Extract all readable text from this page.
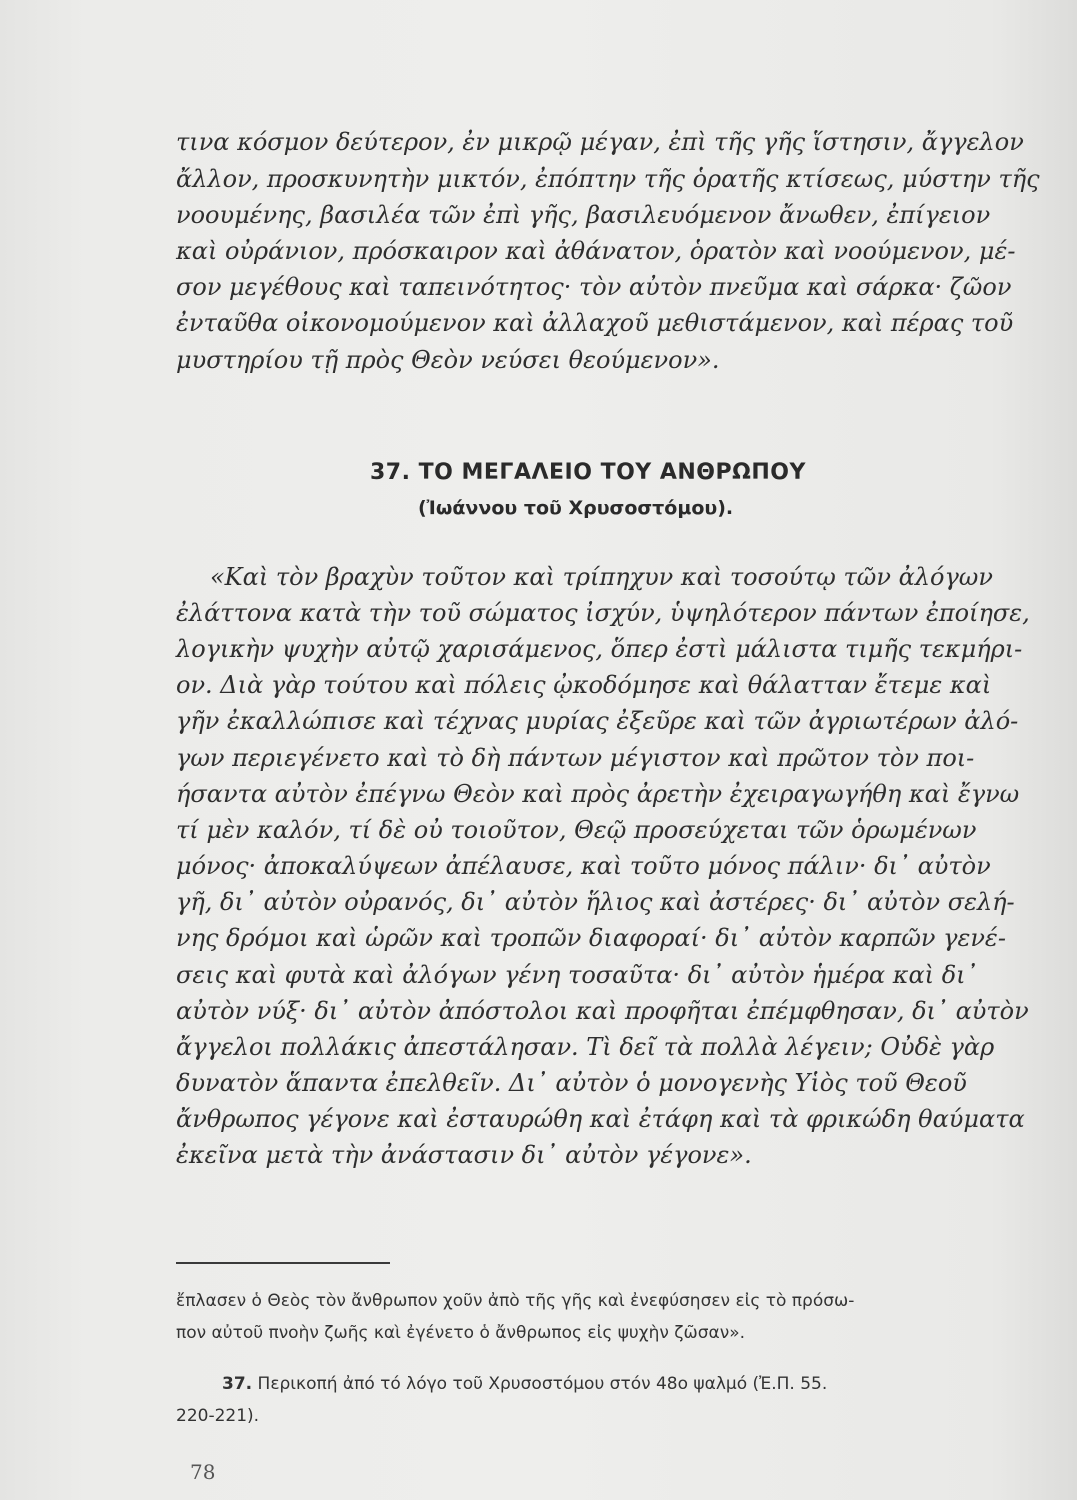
τινα κόσμον δεύτερον, ἐν μικρῷ μέγαν, ἐπὶ τῆς γῆς ἵστησιν, ἄγγελον
ἄλλον, προσκυνητὴν μικτόν, ἐπόπτην τῆς ὁρατῆς κτίσεως, μύστην τῆς
νοουμένης, βασιλέα τῶν ἐπὶ γῆς, βασιλευόμενον ἄνωθεν, ἐπίγειον
καὶ οὐράνιον, πρόσκαιρον καὶ ἀθάνατον, ὁρατὸν καὶ νοούμενον, μέ-
σον μεγέθους καὶ ταπεινότητος· τὸν αὐτὸν πνεῦμα καὶ σάρκα· ζῶον
ἐνταῦθα οἰκονομούμενον καὶ ἀλλαχοῦ μεθιστάμενον, καὶ πέρας τοῦ
μυστηρίου τῇ πρὸς Θεὸν νεύσει θεούμενον».
37. ΤΟ ΜΕΓΑΛΕΙΟ ΤΟΥ ΑΝΘΡΩΠΟΥ
(Ἰωάννου τοῦ Χρυσοστόμου).
«Καὶ τὸν βραχὺν τοῦτον καὶ τρίπηχυν καὶ τοσούτῳ τῶν ἀλόγων
ἐλάττονα κατὰ τὴν τοῦ σώματος ἰσχύν, ὑψηλότερον πάντων ἐποίησε,
λογικὴν ψυχὴν αὐτῷ χαρισάμενος, ὅπερ ἐστὶ μάλιστα τιμῆς τεκμήρι-
ον. Διὰ γὰρ τούτου καὶ πόλεις ᾠκοδόμησε καὶ θάλατταν ἔτεμε καὶ
γῆν ἐκαλλώπισε καὶ τέχνας μυρίας ἐξεῦρε καὶ τῶν ἀγριωτέρων ἀλό-
γων περιεγένετο καὶ τὸ δὴ πάντων μέγιστον καὶ πρῶτον τὸν ποι-
ήσαντα αὐτὸν ἐπέγνω Θεὸν καὶ πρὸς ἀρετὴν ἐχειραγωγήθη καὶ ἔγνω
τί μὲν καλόν, τί δὲ οὐ τοιοῦτον, Θεῷ προσεύχεται τῶν ὁρωμένων
μόνος· ἀποκαλύψεων ἀπέλαυσε, καὶ τοῦτο μόνος πάλιν· δι᾽ αὐτὸν
γῆ, δι᾽ αὐτὸν οὐρανός, δι᾽ αὐτὸν ἥλιος καὶ ἀστέρες· δι᾽ αὐτὸν σελή-
νης δρόμοι καὶ ὡρῶν καὶ τροπῶν διαφοραί· δι᾽ αὐτὸν καρπῶν γενέ-
σεις καὶ φυτὰ καὶ ἀλόγων γένη τοσαῦτα· δι᾽ αὐτὸν ἡμέρα καὶ δι᾽
αὐτὸν νύξ· δι᾽ αὐτὸν ἀπόστολοι καὶ προφῆται ἐπέμφθησαν, δι᾽ αὐτὸν
ἄγγελοι πολλάκις ἀπεστάλησαν. Τὶ δεῖ τὰ πολλὰ λέγειν; Οὐδὲ γὰρ
δυνατὸν ἅπαντα ἐπελθεῖν. Δι᾽ αὐτὸν ὁ μονογενὴς Υἱὸς τοῦ Θεοῦ
ἄνθρωπος γέγονε καὶ ἐσταυρώθη καὶ ἐτάφη καὶ τὰ φρικώδη θαύματα
ἐκεῖνα μετὰ τὴν ἀνάστασιν δι᾽ αὐτὸν γέγονε».
ἔπλασεν ὁ Θεὸς τὸν ἄνθρωπον χοῦν ἀπὸ τῆς γῆς καὶ ἐνεφύσησεν εἰς τὸ πρόσω-
πον αὐτοῦ πνοὴν ζωῆς καὶ ἐγένετο ὁ ἄνθρωπος εἰς ψυχὴν ζῶσαν».
37. Περικοπή ἀπό τό λόγο τοῦ Χρυσοστόμου στόν 48ο ψαλμό (Ἐ.Π. 55.
220-221).
78
